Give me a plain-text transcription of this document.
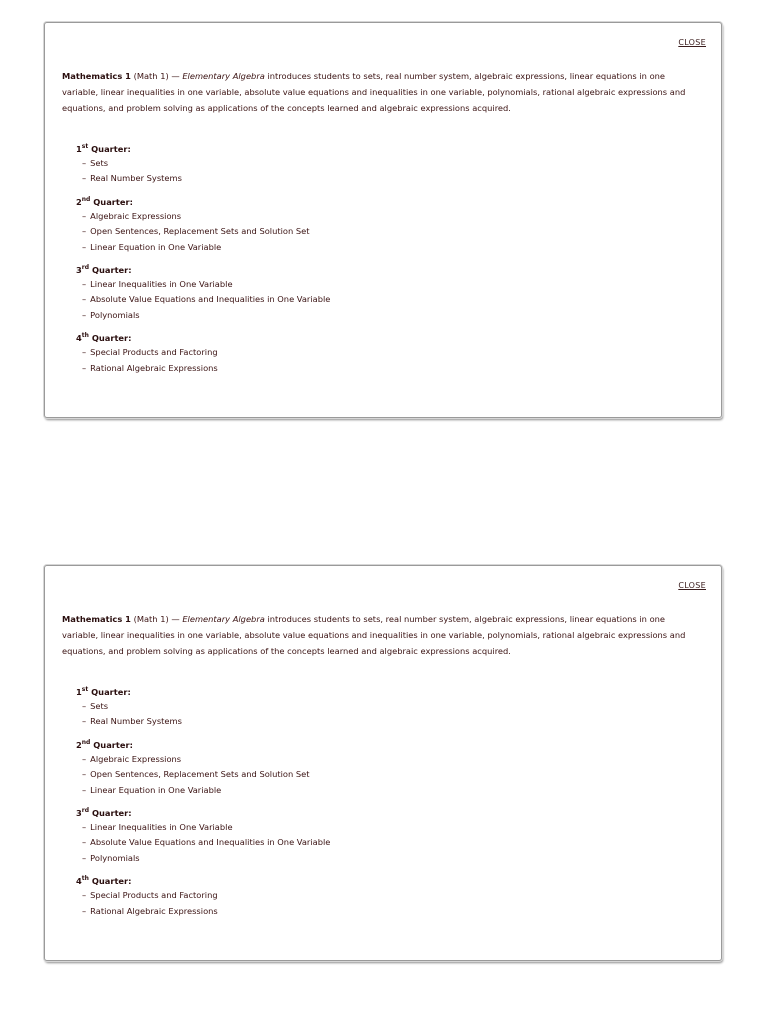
CLOSE

Mathematics 1 (Math 1) — Elementary Algebra introduces students to sets, real number system, algebraic expressions, linear equations in one variable, linear inequalities in one variable, absolute value equations and inequalities in one variable, polynomials, rational algebraic expressions and equations, and problem solving as applications of the concepts learned and algebraic expressions acquired.

1st Quarter:

– Sets
– Real Number Systems

2nd Quarter:

– Algebraic Expressions
– Open Sentences, Replacement Sets and Solution Set
– Linear Equation in One Variable

3rd Quarter:

– Linear Inequalities in One Variable
– Absolute Value Equations and Inequalities in One Variable
– Polynomials

4th Quarter:

– Special Products and Factoring
– Rational Algebraic Expressions
CLOSE

Mathematics 1 (Math 1) — Elementary Algebra introduces students to sets, real number system, algebraic expressions, linear equations in one variable, linear inequalities in one variable, absolute value equations and inequalities in one variable, polynomials, rational algebraic expressions and equations, and problem solving as applications of the concepts learned and algebraic expressions acquired.

1st Quarter:

– Sets
– Real Number Systems

2nd Quarter:

– Algebraic Expressions
– Open Sentences, Replacement Sets and Solution Set
– Linear Equation in One Variable

3rd Quarter:

– Linear Inequalities in One Variable
– Absolute Value Equations and Inequalities in One Variable
– Polynomials

4th Quarter:

– Special Products and Factoring
– Rational Algebraic Expressions
